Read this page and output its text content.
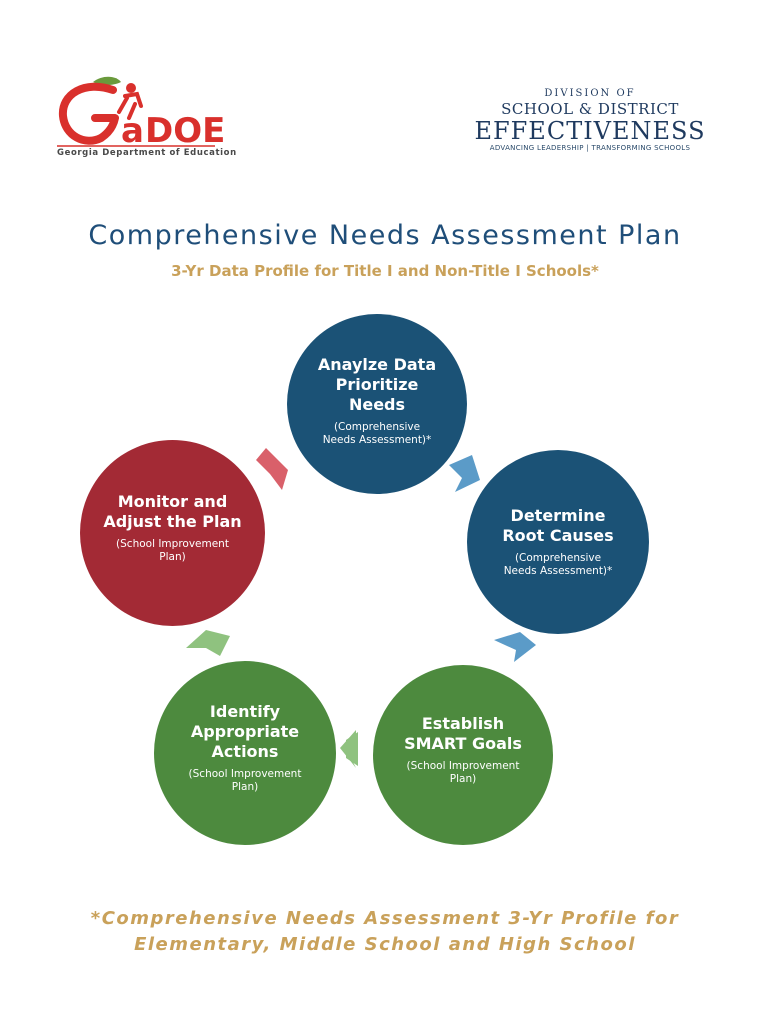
a DOE
Georgia Department of Education
DIVISION OF
SCHOOL & DISTRICT
EFFECTIVENESS
ADVANCING LEADERSHIP | TRANSFORMING SCHOOLS
Comprehensive Needs Assessment Plan
3-Yr Data Profile for Title I and Non-Title I Schools*
Anaylze Data
Prioritize
Needs
(Comprehensive
Needs Assessment)*
Determine
Root Causes
(Comprehensive
Needs Assessment)*
Establish
SMART Goals
(School Improvement
Plan)
Identify
Appropriate
Actions
(School Improvement
Plan)
Monitor and
Adjust the Plan
(School Improvement
Plan)
*Comprehensive Needs Assessment 3-Yr Profile for
Elementary, Middle School and High School
